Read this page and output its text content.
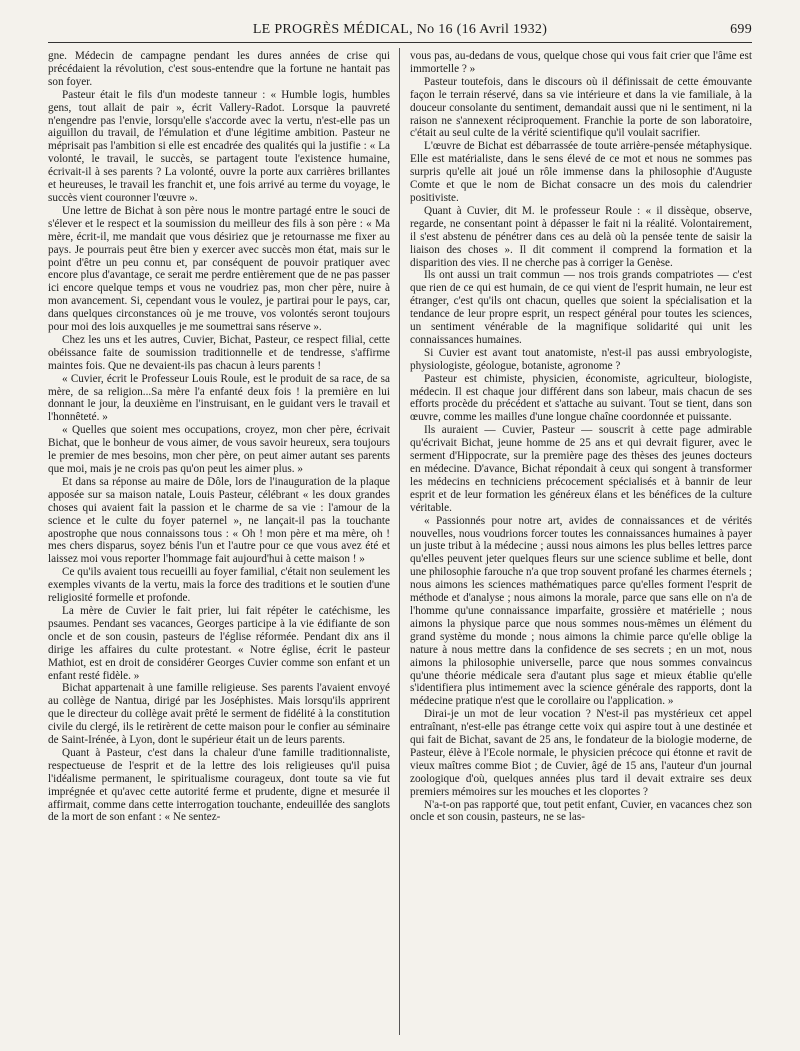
LE PROGRÈS MÉDICAL, No 16 (16 Avril 1932)	699

gne. Médecin de campagne pendant les dures années de crise qui précédaient la révolution, c'est sous-entendre que la fortune ne hantait pas son foyer.

Pasteur était le fils d'un modeste tanneur : « Humble logis, humbles gens, tout allait de pair », écrit Vallery-Radot. Lorsque la pauvreté n'engendre pas l'envie, lorsqu'elle s'accorde avec la vertu, n'est-elle pas un aiguillon du travail, de l'émulation et d'une légitime ambition. Pasteur ne méprisait pas l'ambition si elle est encadrée des qualités qui la justifie : « La volonté, le travail, le succès, se partagent toute l'existence humaine, écrivait-il à ses parents ? La volonté, ouvre la porte aux carrières brillantes et heureuses, le travail les franchit et, une fois arrivé au terme du voyage, le succès vient couronner l'œuvre ».

Une lettre de Bichat à son père nous le montre partagé entre le souci de s'élever et le respect et la soumission du meilleur des fils à son père : « Ma mère, écrit-il, me mandait que vous désiriez que je retournasse me fixer au pays. Je pourrais peut être bien y exercer avec succès mon état, mais sur le point d'être un peu connu et, par conséquent de pouvoir pratiquer avec encore plus d'avantage, ce serait me perdre entièrement que de ne pas passer ici encore quelque temps et vous ne voudriez pas, mon cher père, nuire à mon avancement. Si, cependant vous le voulez, je partirai pour le pays, car, dans quelques circonstances où je me trouve, vos volontés seront toujours pour moi des lois auxquelles je me soumettrai sans réserve ».

Chez les uns et les autres, Cuvier, Bichat, Pasteur, ce respect filial, cette obéissance faite de soumission traditionnelle et de tendresse, s'affirme maintes fois. Que ne devaient-ils pas chacun à leurs parents !

« Cuvier, écrit le Professeur Louis Roule, est le produit de sa race, de sa mère, de sa religion...Sa mère l'a enfanté deux fois ! la première en lui donnant le jour, la deuxième en l'instruisant, en le guidant vers le travail et l'honnêteté. »

« Quelles que soient mes occupations, croyez, mon cher père, écrivait Bichat, que le bonheur de vous aimer, de vous savoir heureux, sera toujours le premier de mes besoins, mon cher père, on peut aimer autant ses parents que moi, mais je ne crois pas qu'on peut les aimer plus. »

Et dans sa réponse au maire de Dôle, lors de l'inauguration de la plaque apposée sur sa maison natale, Louis Pasteur, célébrant « les doux grandes choses qui avaient fait la passion et le charme de sa vie : l'amour de la science et le culte du foyer paternel », ne lançait-il pas la touchante apostrophe que nous connaissons tous : « Oh ! mon père et ma mère, oh ! mes chers disparus, soyez bénis l'un et l'autre pour ce que vous avez été et laissez moi vous reporter l'hommage fait aujourd'hui à cette maison ! »

Ce qu'ils avaient tous recueilli au foyer familial, c'était non seulement les exemples vivants de la vertu, mais la force des traditions et le soutien d'une religiosité formelle et profonde.

La mère de Cuvier le fait prier, lui fait répéter le catéchisme, les psaumes. Pendant ses vacances, Georges participe à la vie édifiante de son oncle et de son cousin, pasteurs de l'église réformée. Pendant dix ans il dirige les affaires du culte protestant. « Notre église, écrit le pasteur Mathiot, est en droit de considérer Georges Cuvier comme son enfant et un enfant resté fidèle. »

Bichat appartenait à une famille religieuse. Ses parents l'avaient envoyé au collège de Nantua, dirigé par les Joséphistes. Mais lorsqu'ils apprirent que le directeur du collège avait prêté le serment de fidélité à la constitution civile du clergé, ils le retirèrent de cette maison pour le confier au séminaire de Saint-Irénée, à Lyon, dont le supérieur était un de leurs parents.

Quant à Pasteur, c'est dans la chaleur d'une famille traditionnaliste, respectueuse de l'esprit et de la lettre des lois religieuses qu'il puisa l'idéalisme permanent, le spiritualisme courageux, dont toute sa vie fut imprégnée et qu'avec cette autorité ferme et prudente, digne et mesurée il affirmait, comme dans cette interrogation touchante, endeuillée des sanglots de la mort de son enfant : « Ne sentez-

vous pas, au-dedans de vous, quelque chose qui vous fait crier que l'âme est immortelle ? »

Pasteur toutefois, dans le discours où il définissait de cette émouvante façon le terrain réservé, dans sa vie intérieure et dans la vie familiale, à la douceur consolante du sentiment, demandait aussi que ni le sentiment, ni la raison ne s'annexent réciproquement. Franchie la porte de son laboratoire, c'était au seul culte de la vérité scientifique qu'il voulait sacrifier.

L'œuvre de Bichat est débarrassée de toute arrière-pensée métaphysique. Elle est matérialiste, dans le sens élevé de ce mot et nous ne sommes pas surpris qu'elle ait joué un rôle immense dans la philosophie d'Auguste Comte et que le nom de Bichat consacre un des mois du calendrier positiviste.

Quant à Cuvier, dit M. le professeur Roule : « il dissèque, observe, regarde, ne consentant point à dépasser le fait ni la réalité. Volontairement, il s'est abstenu de pénétrer dans ces au delà où la pensée tente de saisir la liaison des choses ». Il dit comment il comprend la formation et la disparition des vies. Il ne cherche pas à corriger la Genèse.

Ils ont aussi un trait commun — nos trois grands compatriotes — c'est que rien de ce qui est humain, de ce qui vient de l'esprit humain, ne leur est étranger, c'est qu'ils ont chacun, quelles que soient la spécialisation et la tendance de leur propre esprit, un respect général pour toutes les sciences, un sentiment vénérable de la magnifique solidarité qui unit les connaissances humaines.

Si Cuvier est avant tout anatomiste, n'est-il pas aussi embryologiste, physiologiste, géologue, botaniste, agronome ?

Pasteur est chimiste, physicien, économiste, agriculteur, biologiste, médecin. Il est chaque jour différent dans son labeur, mais chacun de ses efforts procède du précédent et s'attache au suivant. Tout se tient, dans son œuvre, comme les mailles d'une longue chaîne coordonnée et puissante.

Ils auraient — Cuvier, Pasteur — souscrit à cette page admirable qu'écrivait Bichat, jeune homme de 25 ans et qui devrait figurer, avec le serment d'Hippocrate, sur la première page des thèses des jeunes docteurs en médecine. D'avance, Bichat répondait à ceux qui songent à transformer les médecins en techniciens précocement spécialisés et à bannir de leur esprit et de leur formation les généreux élans et les bénéfices de la culture véritable.

« Passionnés pour notre art, avides de connaissances et de vérités nouvelles, nous voudrions forcer toutes les connaissances humaines à payer un juste tribut à la médecine ; aussi nous aimons les plus belles lettres parce qu'elles peuvent jeter quelques fleurs sur une science sublime et belle, dont une philosophie farouche n'a que trop souvent profané les charmes éternels ; nous aimons les sciences mathématiques parce qu'elles forment l'esprit de méthode et d'analyse ; nous aimons la morale, parce que sans elle on n'a de l'homme qu'une connaissance imparfaite, grossière et matérielle ; nous aimons la physique parce que nous sommes nous-mêmes un élément du grand système du monde ; nous aimons la chimie parce qu'elle oblige la nature à nous mettre dans la confidence de ses secrets ; en un mot, nous aimons la philosophie universelle, parce que nous sommes convaincus qu'une théorie médicale sera d'autant plus sage et mieux établie qu'elle s'identifiera plus intimement avec la science générale des rapports, dont la médecine pratique n'est que le corollaire ou l'application. »

Dirai-je un mot de leur vocation ? N'est-il pas mystérieux cet appel entraînant, n'est-elle pas étrange cette voix qui aspire tout à une destinée et qui fait de Bichat, savant de 25 ans, le fondateur de la biologie moderne, de Pasteur, élève à l'Ecole normale, le physicien précoce qui étonne et ravit de vieux maîtres comme Biot ; de Cuvier, âgé de 15 ans, l'auteur d'un journal zoologique d'où, quelques années plus tard il devait extraire ses deux premiers mémoires sur les mouches et les cloportes ?

N'a-t-on pas rapporté que, tout petit enfant, Cuvier, en vacances chez son oncle et son cousin, pasteurs, ne se las-
